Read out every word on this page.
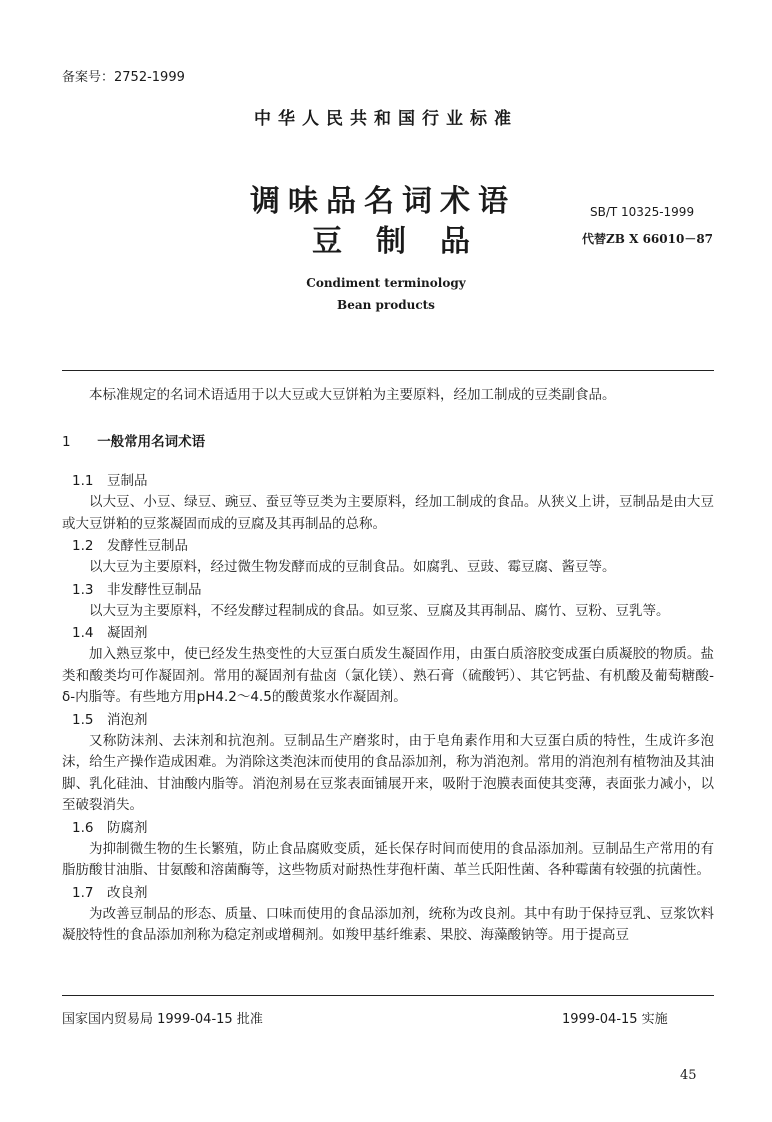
备案号：2752-1999
中华人民共和国行业标准
调味品名词术语
豆制品
SB/T 10325-1999
代替ZB X 66010－87
Condiment terminology
Bean products
本标准规定的名词术语适用于以大豆或大豆饼粕为主要原料，经加工制成的豆类副食品。
1 一般常用名词术语
1.1　 豆制品
以大豆、小豆、绿豆、豌豆、蚕豆等豆类为主要原料，经加工制成的食品。从狭义上讲，豆制品是由大豆或大豆饼粕的豆浆凝固而成的豆腐及其再制品的总称。
1.2　 发酵性豆制品
以大豆为主要原料，经过微生物发酵而成的豆制食品。如腐乳、豆豉、霉豆腐、酱豆等。
1.3　 非发酵性豆制品
以大豆为主要原料，不经发酵过程制成的食品。如豆浆、豆腐及其再制品、腐竹、豆粉、豆乳等。
1.4　 凝固剂
加入熟豆浆中，使已经发生热变性的大豆蛋白质发生凝固作用，由蛋白质溶胶变成蛋白质凝胶的物质。盐类和酸类均可作凝固剂。常用的凝固剂有盐卤（氯化镁）、熟石膏（硫酸钙）、其它钙盐、有机酸及葡萄糖酸-δ-内脂等。有些地方用pH4.2～4.5的酸黄浆水作凝固剂。
1.5　 消泡剂
又称防沫剂、去沫剂和抗泡剂。豆制品生产磨浆时，由于皂角素作用和大豆蛋白质的特性，生成许多泡沫，给生产操作造成困难。为消除这类泡沫而使用的食品添加剂，称为消泡剂。常用的消泡剂有植物油及其油脚、乳化硅油、甘油酸内脂等。消泡剂易在豆浆表面铺展开来，吸附于泡膜表面使其变薄，表面张力减小，以至破裂消失。
1.6　 防腐剂
为抑制微生物的生长繁殖，防止食品腐败变质，延长保存时间而使用的食品添加剂。豆制品生产常用的有脂肪酸甘油脂、甘氨酸和溶菌酶等，这些物质对耐热性芽孢杆菌、革兰氏阳性菌、各种霉菌有较强的抗菌性。
1.7　 改良剂
为改善豆制品的形态、质量、口味而使用的食品添加剂，统称为改良剂。其中有助于保持豆乳、豆浆饮料凝胶特性的食品添加剂称为稳定剂或增稠剂。如羧甲基纤维素、果胶、海藻酸钠等。用于提高豆
国家国内贸易局 1999-04-15 批准	1999-04-15 实施
45
